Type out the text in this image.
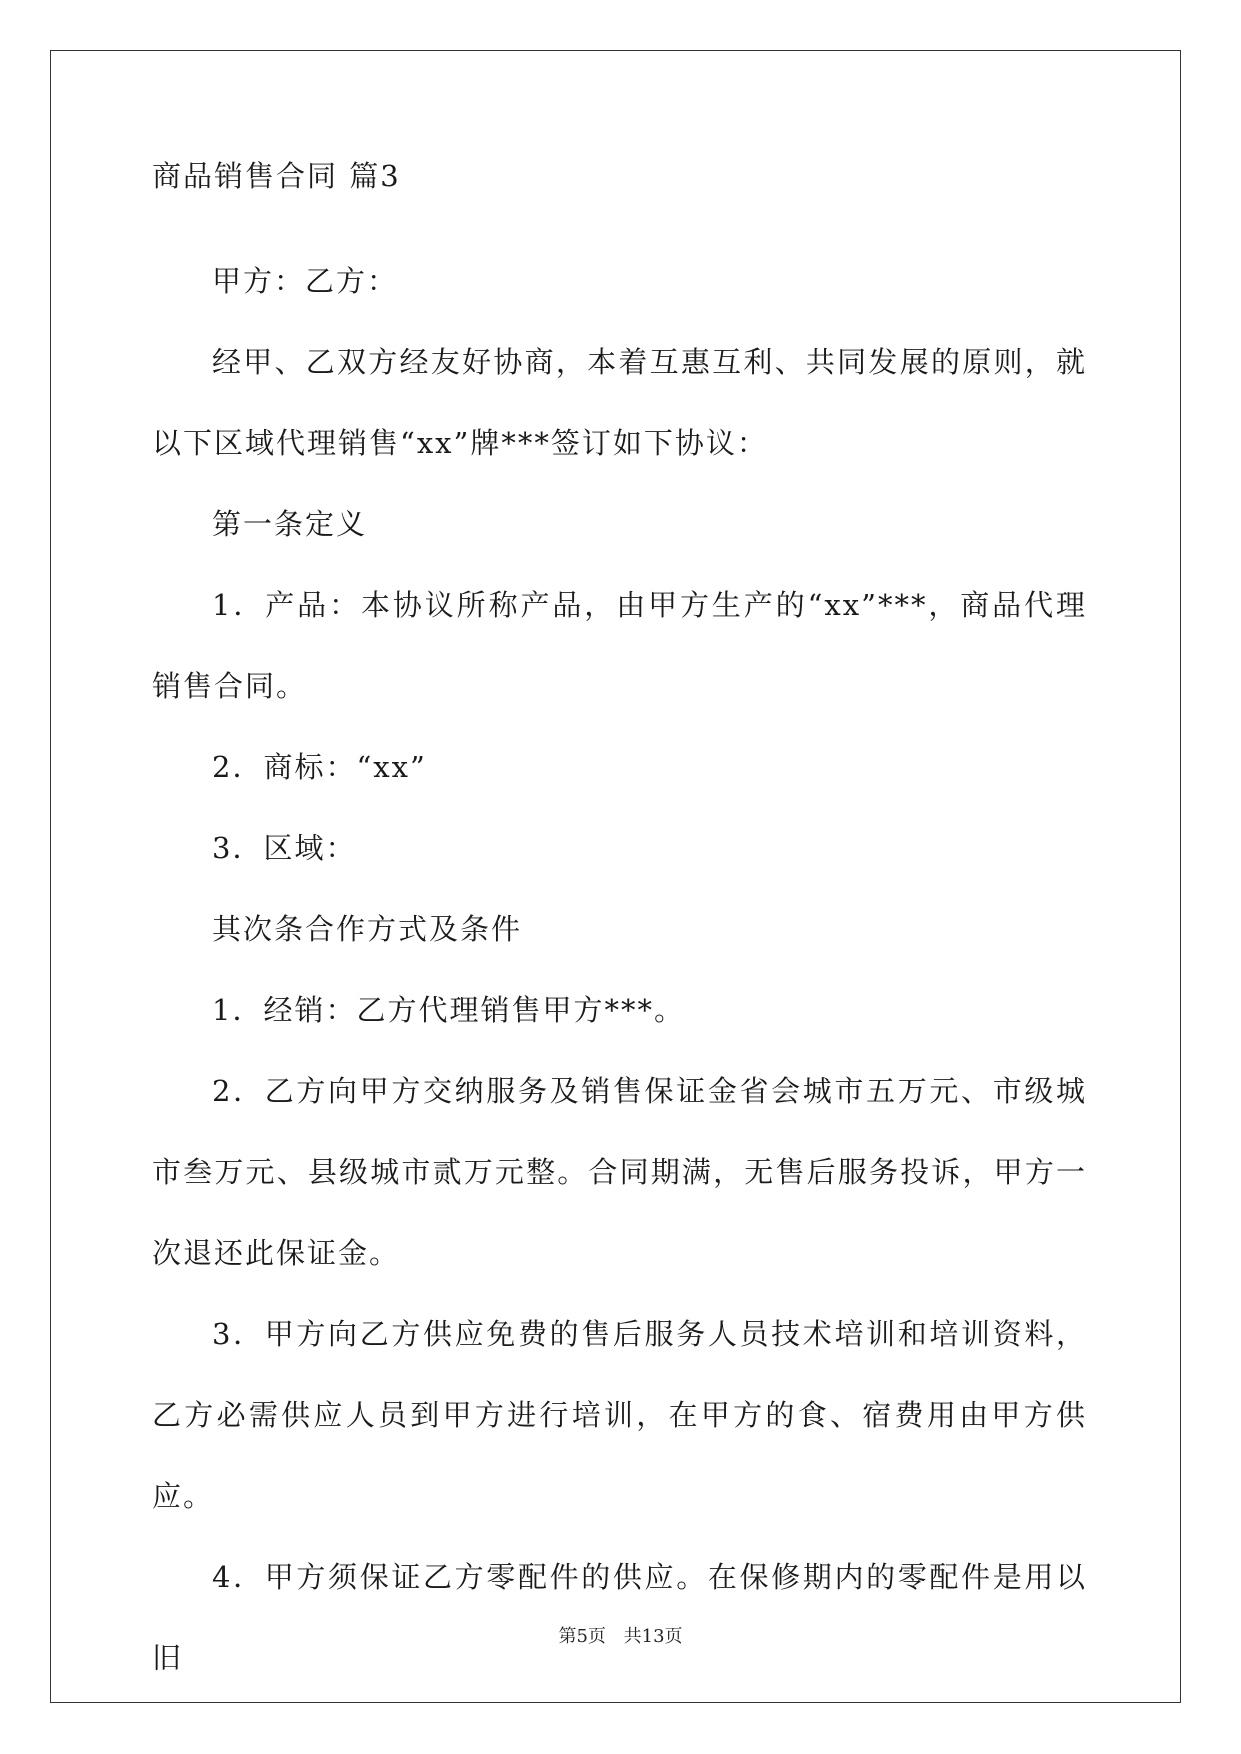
商品销售合同 篇3

甲方：乙方：

经甲、乙双方经友好协商，本着互惠互利、共同发展的原则，就以下区域代理销售“xx”牌***签订如下协议：

第一条定义

1．产品：本协议所称产品，由甲方生产的“xx”***，商品代理销售合同。

2．商标：“xx”

3．区域：

其次条合作方式及条件

1．经销：乙方代理销售甲方***。

2．乙方向甲方交纳服务及销售保证金省会城市五万元、市级城市叁万元、县级城市贰万元整。合同期满，无售后服务投诉，甲方一次退还此保证金。

3．甲方向乙方供应免费的售后服务人员技术培训和培训资料，乙方必需供应人员到甲方进行培训，在甲方的食、宿费用由甲方供应。

4．甲方须保证乙方零配件的供应。在保修期内的零配件是用以旧

第5页 共13页
